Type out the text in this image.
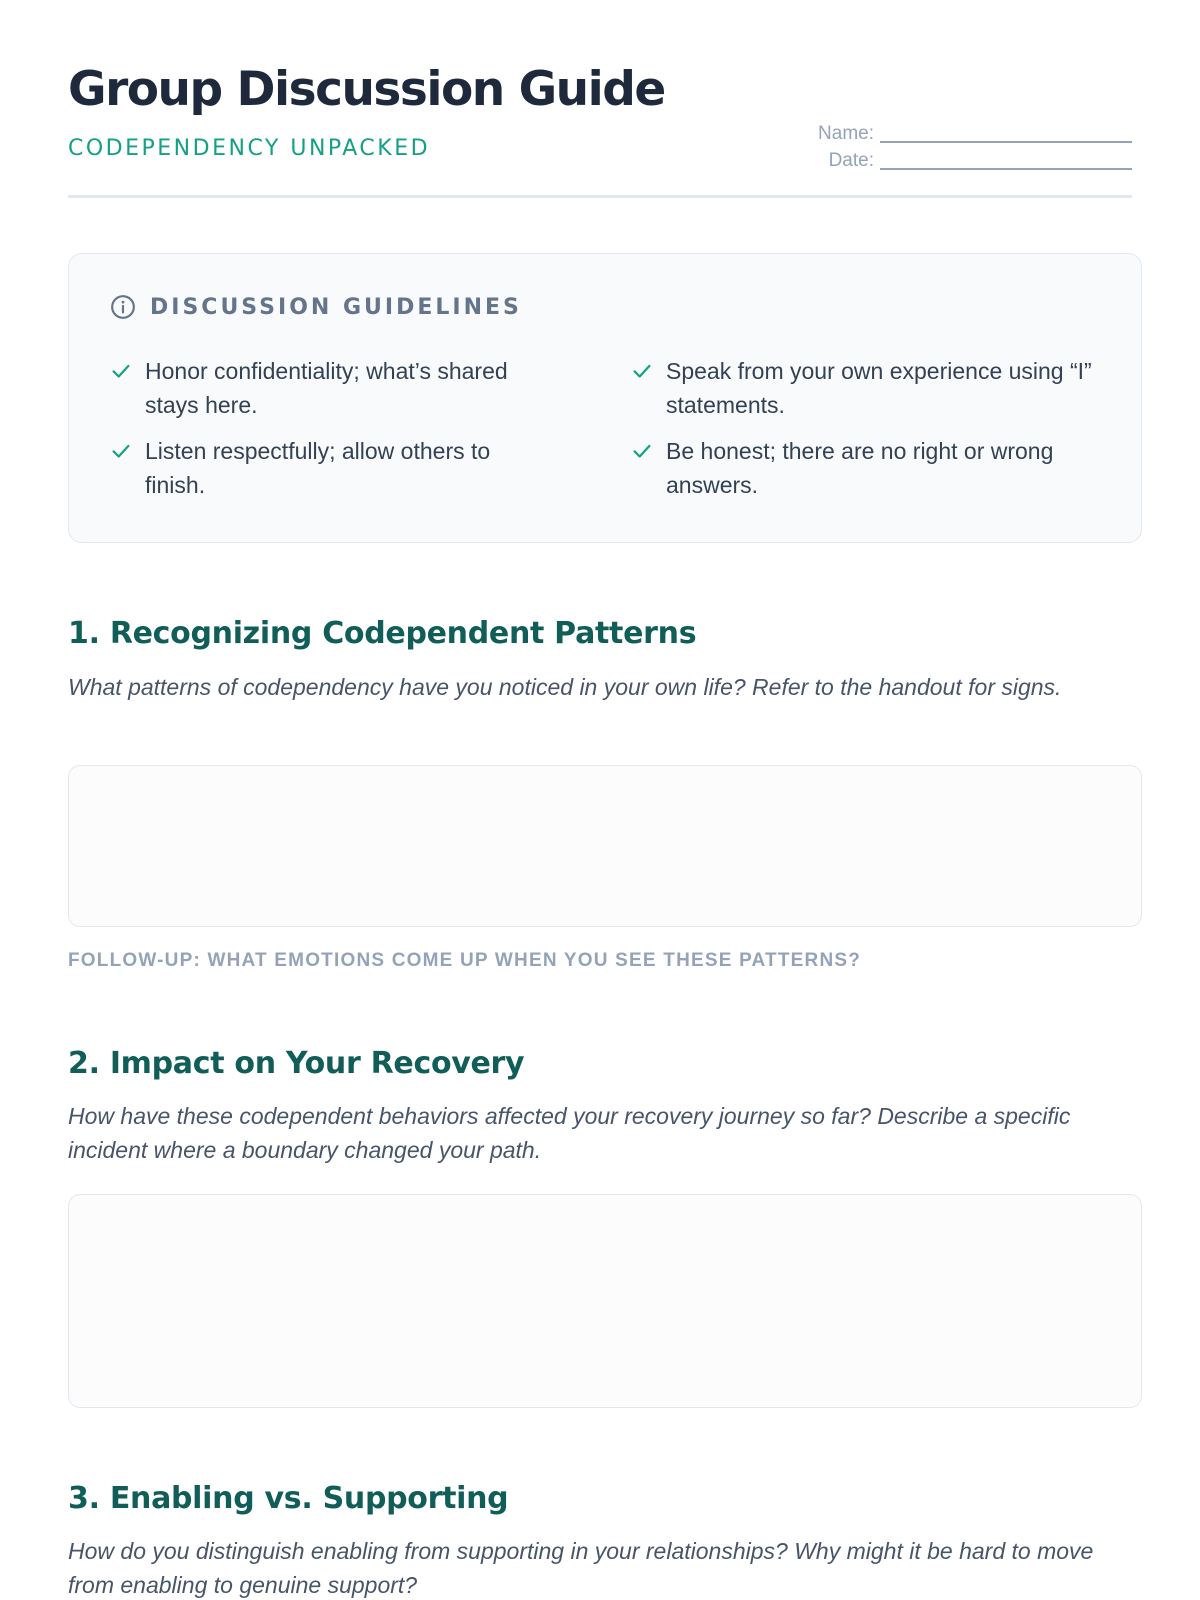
Group Discussion Guide
CODEPENDENCY UNPACKED
Name:
Date:
DISCUSSION GUIDELINES
Honor confidentiality; what’s shared stays here.
Speak from your own experience using “I” statements.
Listen respectfully; allow others to finish.
Be honest; there are no right or wrong answers.
1. Recognizing Codependent Patterns
What patterns of codependency have you noticed in your own life? Refer to the handout for signs.
FOLLOW-UP: WHAT EMOTIONS COME UP WHEN YOU SEE THESE PATTERNS?
2. Impact on Your Recovery
How have these codependent behaviors affected your recovery journey so far? Describe a specific incident where a boundary changed your path.
3. Enabling vs. Supporting
How do you distinguish enabling from supporting in your relationships? Why might it be hard to move from enabling to genuine support?
